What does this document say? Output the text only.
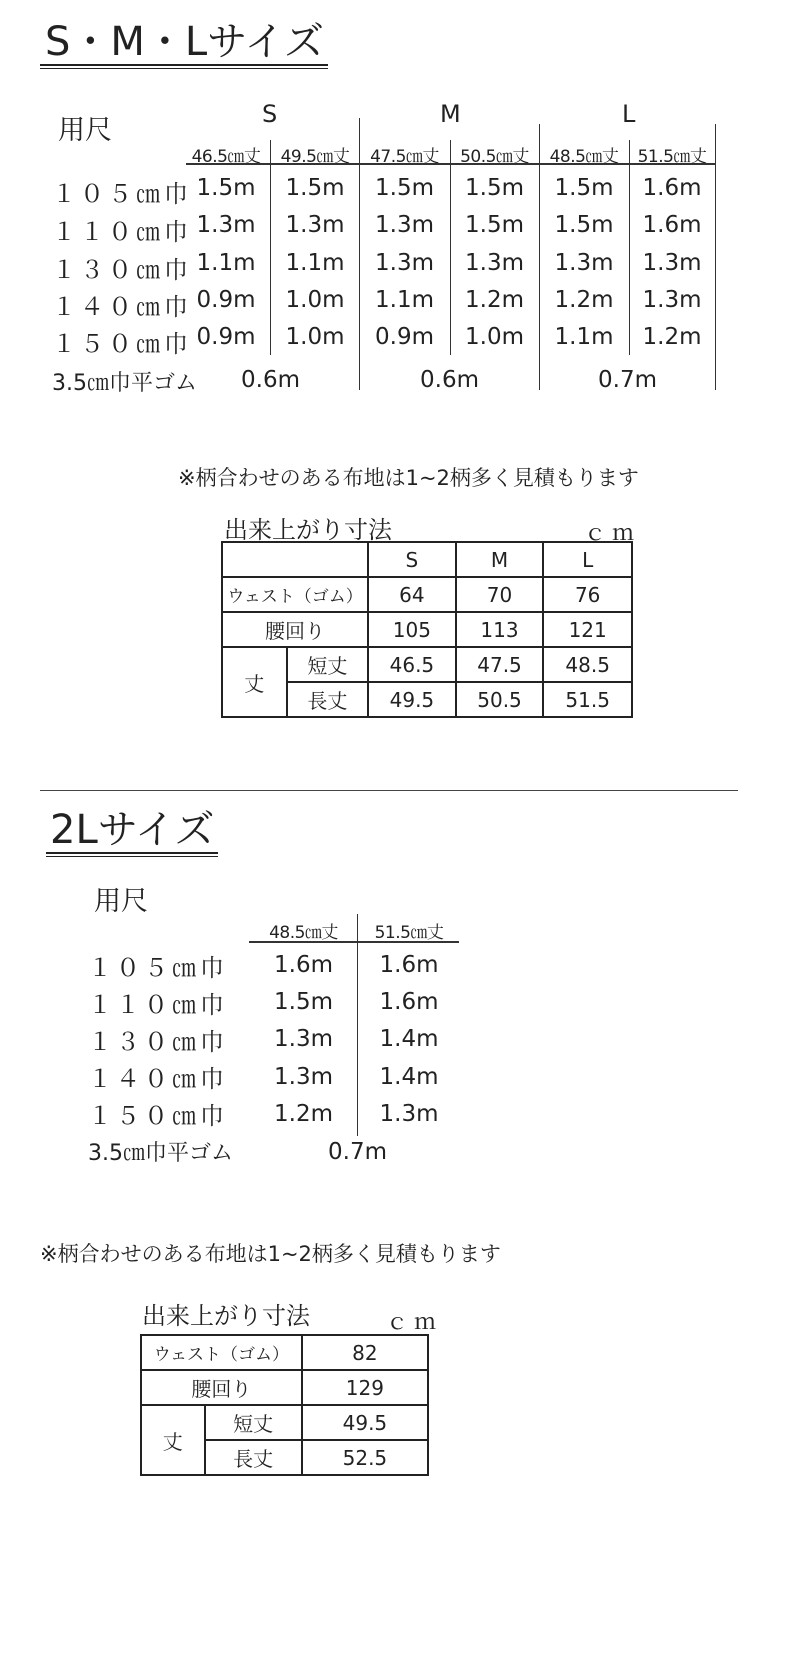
S・M・Lサイズ
用尺
S	M	L
46.5㎝丈	49.5㎝丈	47.5㎝丈	50.5㎝丈	48.5㎝丈	51.5㎝丈
１０５㎝巾 1.5m	1.5m	1.5m	1.5m	1.5m	1.6m
１１０㎝巾 1.3m	1.3m	1.3m	1.5m	1.5m	1.6m
１３０㎝巾 1.1m	1.1m	1.3m	1.3m	1.3m	1.3m
１４０㎝巾 0.9m	1.0m	1.1m	1.2m	1.2m	1.3m
１５０㎝巾 0.9m	1.0m	0.9m	1.0m	1.1m	1.2m
3.5㎝巾平ゴム	0.6m	0.6m	0.7m
※柄合わせのある布地は1~2柄多く見積もります
出来上がり寸法	ｃｍ
		S	M	L
ウェスト（ゴム）		64	70	76
腰回り		105	113	121
丈	短丈	46.5	47.5	48.5
	長丈	49.5	50.5	51.5
2Lサイズ
用尺
48.5㎝丈	51.5㎝丈
１０５㎝巾	1.6m	1.6m
１１０㎝巾	1.5m	1.6m
１３０㎝巾	1.3m	1.4m
１４０㎝巾	1.3m	1.4m
１５０㎝巾	1.2m	1.3m
3.5㎝巾平ゴム	0.7m
※柄合わせのある布地は1~2柄多く見積もります
出来上がり寸法	ｃｍ
ウェスト（ゴム）		82
腰回り		129
丈	短丈	49.5
	長丈	52.5
